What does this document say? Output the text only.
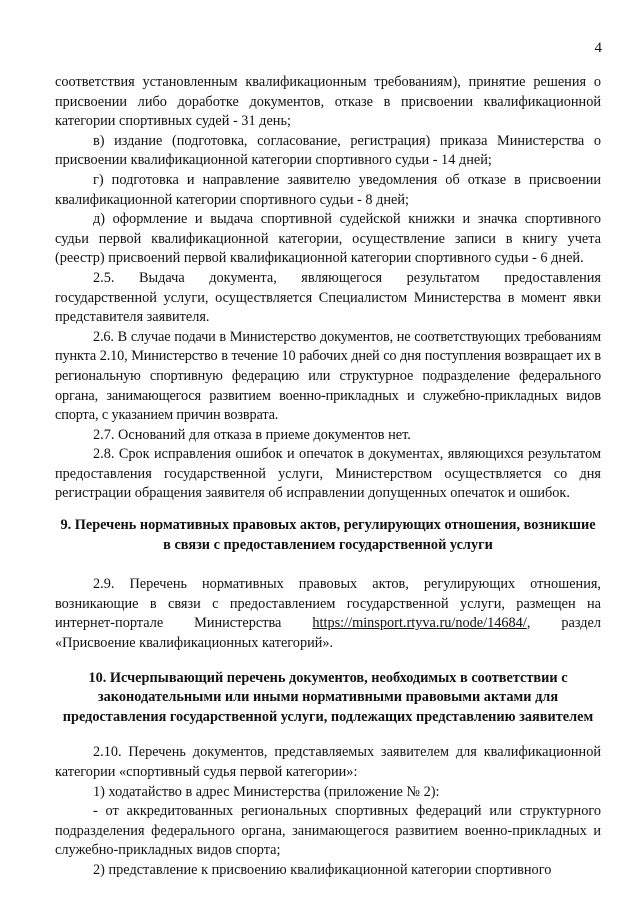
4

соответствия установленным квалификационным требованиям), принятие решения о присвоении либо доработке документов, отказе в присвоении квалификационной категории спортивных судей - 31 день;

в) издание (подготовка, согласование, регистрация) приказа Министерства о присвоении квалификационной категории спортивного судьи - 14 дней;

г) подготовка и направление заявителю уведомления об отказе в присвоении квалификационной категории спортивного судьи - 8 дней;

д) оформление и выдача спортивной судейской книжки и значка спортивного судьи первой квалификационной категории, осуществление записи в книгу учета (реестр) присвоений первой квалификационной категории спортивного судьи - 6 дней.

2.5. Выдача документа, являющегося результатом предоставления государственной услуги, осуществляется Специалистом Министерства в момент явки представителя заявителя.

2.6. В случае подачи в Министерство документов, не соответствующих требованиям пункта 2.10, Министерство в течение 10 рабочих дней со дня поступления возвращает их в региональную спортивную федерацию или структурное подразделение федерального органа, занимающегося развитием военно-прикладных и служебно-прикладных видов спорта, с указанием причин возврата.

2.7. Оснований для отказа в приеме документов нет.

2.8. Срок исправления ошибок и опечаток в документах, являющихся результатом предоставления государственной услуги, Министерством осуществляется со дня регистрации обращения заявителя об исправлении допущенных опечаток и ошибок.

9. Перечень нормативных правовых актов, регулирующих отношения, возникшие в связи с предоставлением государственной услуги

2.9. Перечень нормативных правовых актов, регулирующих отношения, возникающие в связи с предоставлением государственной услуги, размещен на интернет-портале Министерства https://minsport.rtyva.ru/node/14684/, раздел «Присвоение квалификационных категорий».

10. Исчерпывающий перечень документов, необходимых в соответствии с законодательными или иными нормативными правовыми актами для предоставления государственной услуги, подлежащих представлению заявителем

2.10. Перечень документов, представляемых заявителем для квалификационной категории «спортивный судья первой категории»:

1) ходатайство в адрес Министерства (приложение № 2):

- от аккредитованных региональных спортивных федераций или структурного подразделения федерального органа, занимающегося развитием военно-прикладных и служебно-прикладных видов спорта;

2) представление к присвоению квалификационной категории спортивного
